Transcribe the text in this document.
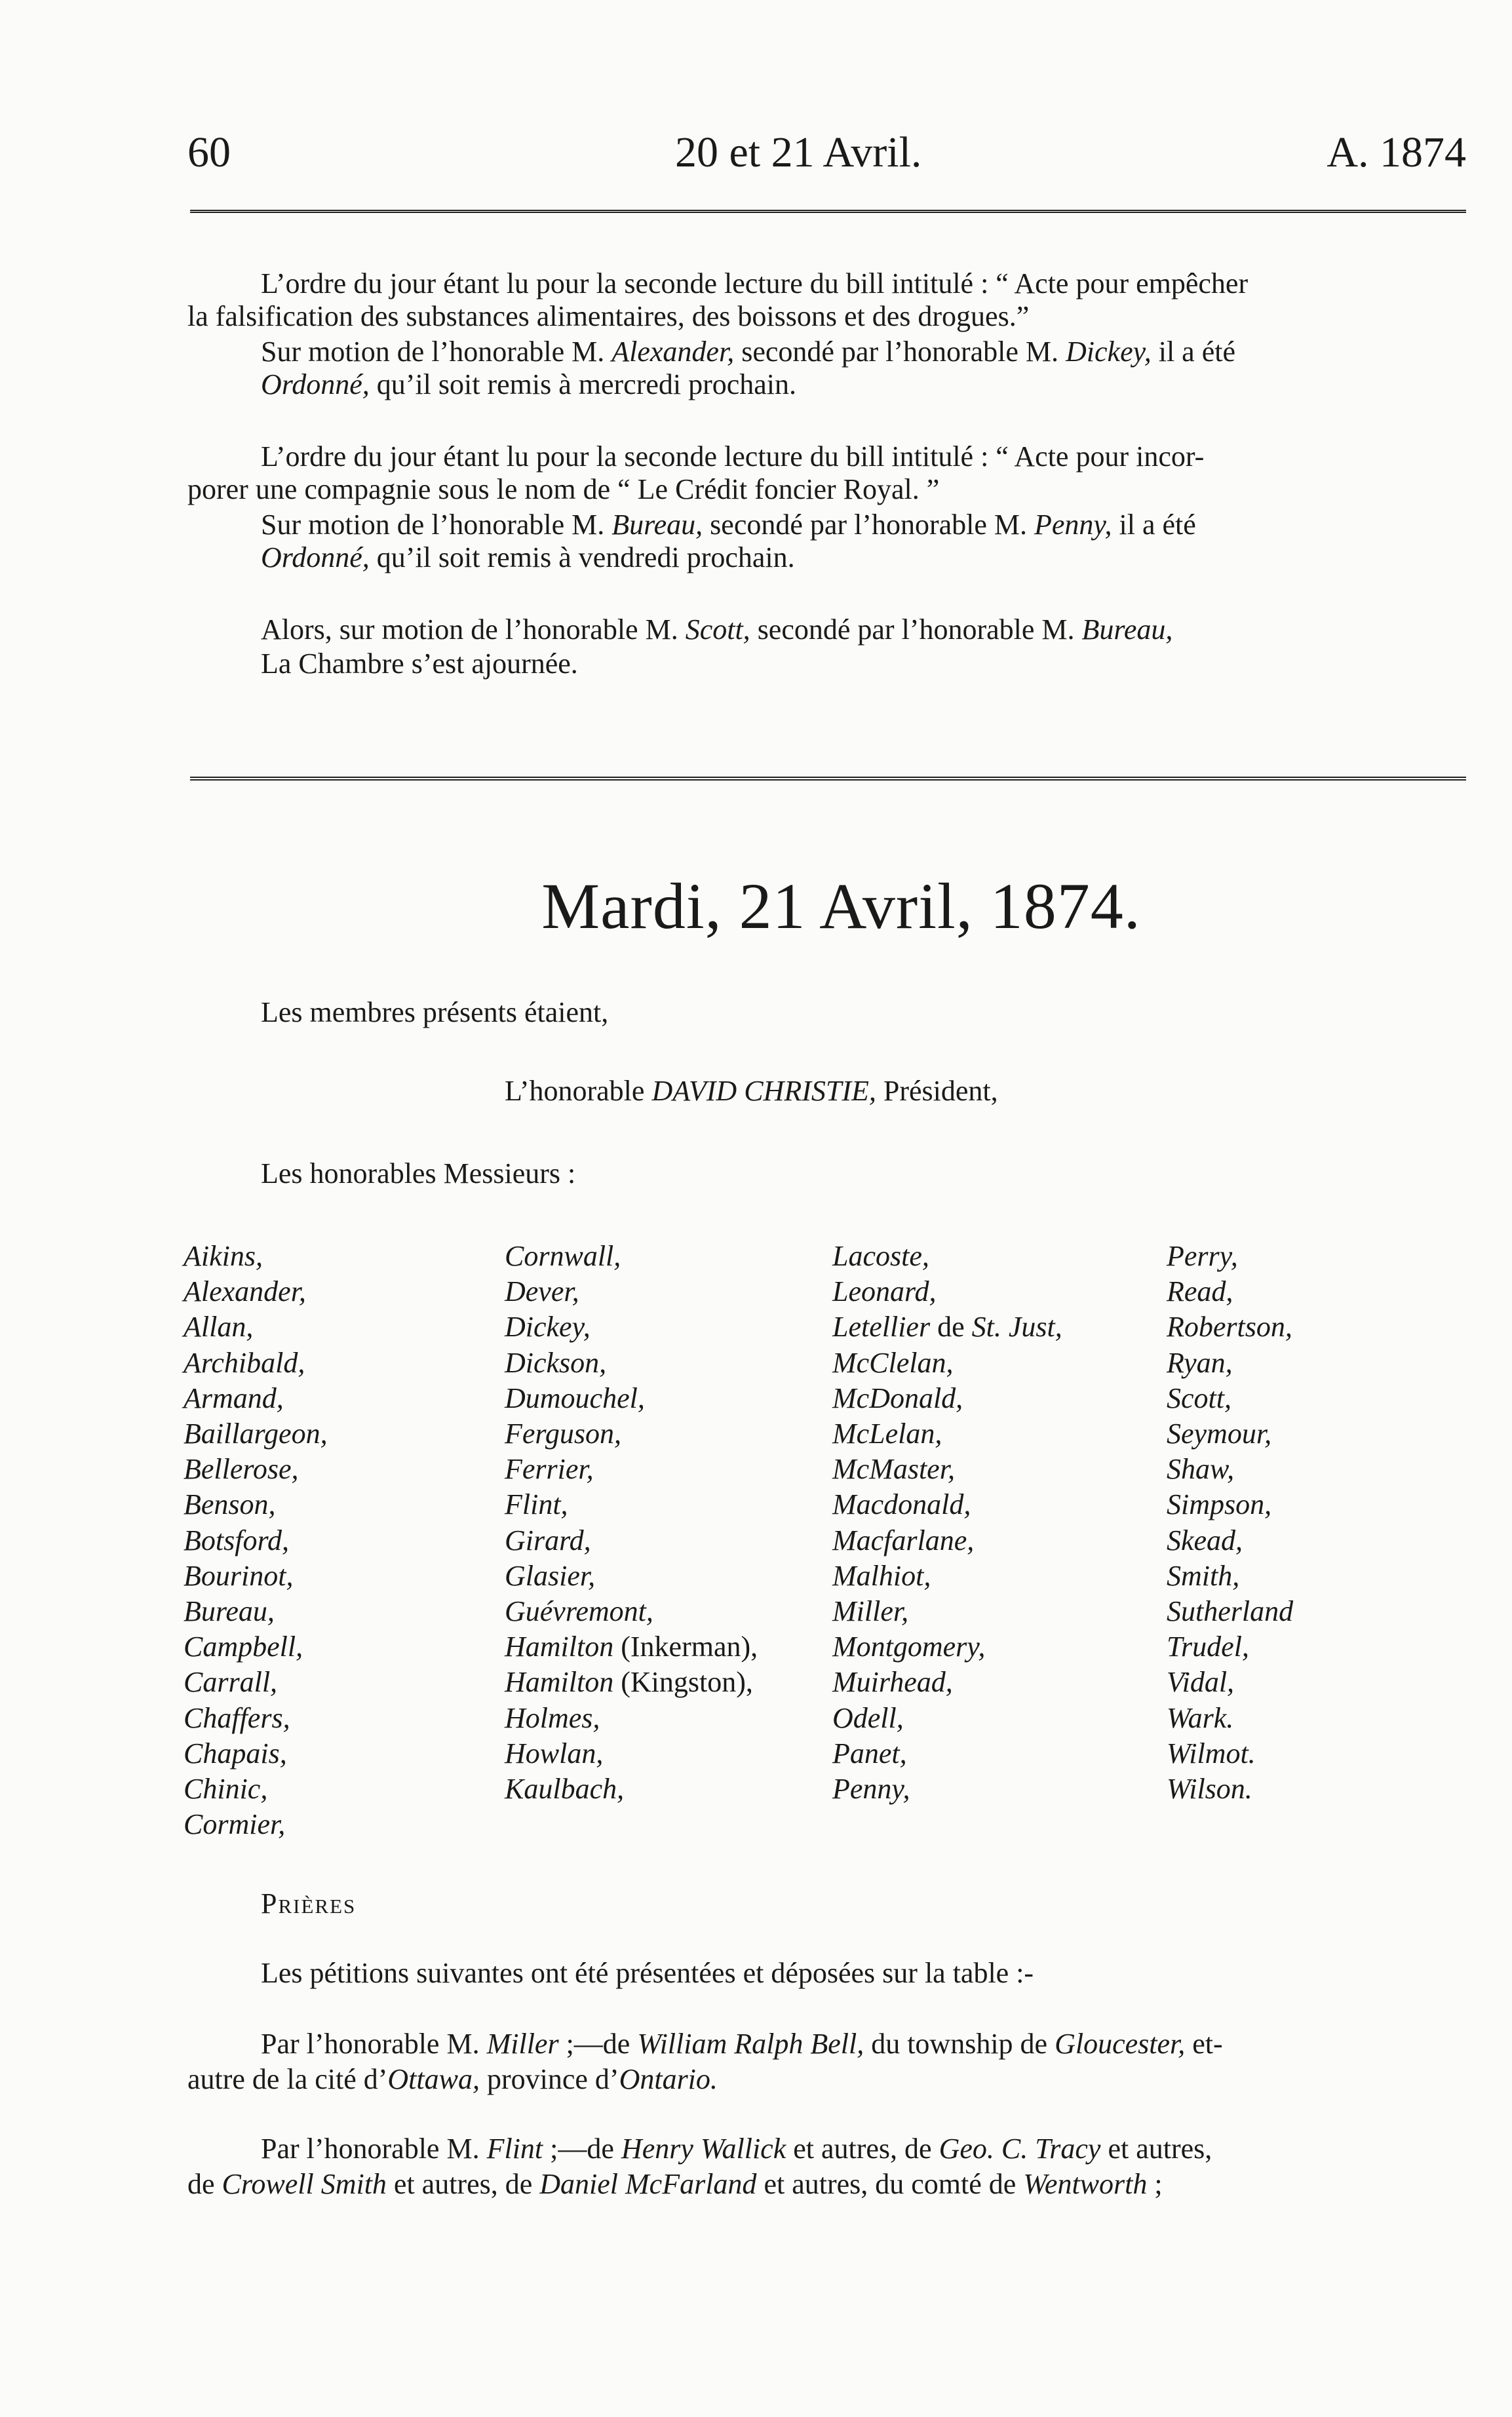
60	20 et 21 Avril.	A. 1874
L’ordre du jour étant lu pour la seconde lecture du bill intitulé : “ Acte pour empêcher
la falsification des substances alimentaires, des boissons et des drogues.”
Sur motion de l’honorable M. Alexander, secondé par l’honorable M. Dickey, il a été
Ordonné, qu’il soit remis à mercredi prochain.
L’ordre du jour étant lu pour la seconde lecture du bill intitulé : “ Acte pour incor-
porer une compagnie sous le nom de “ Le Crédit foncier Royal. ”
Sur motion de l’honorable M. Bureau, secondé par l’honorable M. Penny, il a été
Ordonné, qu’il soit remis à vendredi prochain.
Alors, sur motion de l’honorable M. Scott, secondé par l’honorable M. Bureau,
La Chambre s’est ajournée.
Mardi, 21 Avril, 1874.
Les membres présents étaient,
L’honorable DAVID CHRISTIE, Président,
Les honorables Messieurs :
Aikins,
Alexander,
Allan,
Archibald,
Armand,
Baillargeon,
Bellerose,
Benson,
Botsford,
Bourinot,
Bureau,
Campbell,
Carrall,
Chaffers,
Chapais,
Chinic,
Cormier,
Cornwall,
Dever,
Dickey,
Dickson,
Dumouchel,
Ferguson,
Ferrier,
Flint,
Girard,
Glasier,
Guévremont,
Hamilton (Inkerman),
Hamilton (Kingston),
Holmes,
Howlan,
Kaulbach,
Lacoste,
Leonard,
Letellier de St. Just,
McClelan,
McDonald,
McLelan,
McMaster,
Macdonald,
Macfarlane,
Malhiot,
Miller,
Montgomery,
Muirhead,
Odell,
Panet,
Penny,
Perry,
Read,
Robertson,
Ryan,
Scott,
Seymour,
Shaw,
Simpson,
Skead,
Smith,
Sutherland
Trudel,
Vidal,
Wark.
Wilmot.
Wilson.
Prières
Les pétitions suivantes ont été présentées et déposées sur la table :-
Par l’honorable M. Miller ;—de William Ralph Bell, du township de Gloucester, et-
autre de la cité d’Ottawa, province d’Ontario.
Par l’honorable M. Flint ;—de Henry Wallick et autres, de Geo. C. Tracy et autres,
de Crowell Smith et autres, de Daniel McFarland et autres, du comté de Wentworth ;
